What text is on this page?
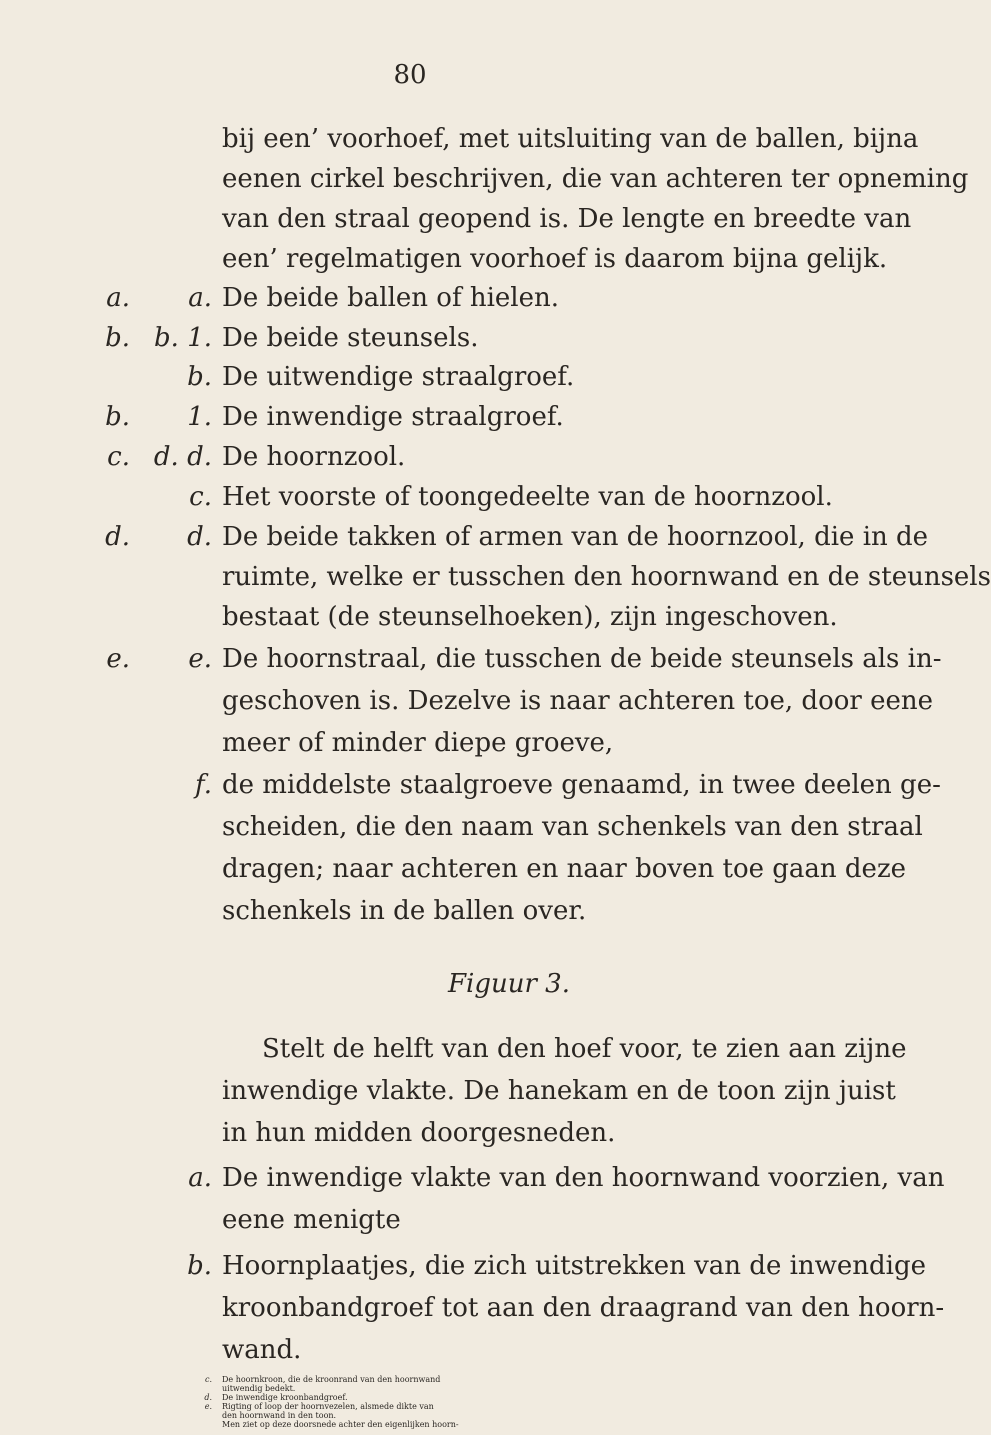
80
bij een’ voorhoef, met uitsluiting van de ballen, bijna
eenen cirkel beschrijven, die van achteren ter opneming
van den straal geopend is. De lengte en breedte van
een’ regelmatigen voorhoef is daarom bijna gelijk.
a.	a. De beide ballen of hielen.
b. b. 1. De beide steunsels.
b. De uitwendige straalgroef.
b.	1. De inwendige straalgroef.
c. d. d. De hoornzool.
c. Het voorste of toongedeelte van de hoornzool.
d.	d. De beide takken of armen van de hoornzool, die in de
ruimte, welke er tusschen den hoornwand en de steunsels
bestaat (de steunselhoeken), zijn ingeschoven.
e.	e. De hoornstraal, die tusschen de beide steunsels als in-
geschoven is. Dezelve is naar achteren toe, door eene
meer of minder diepe groeve,
f. de middelste staalgroeve genaamd, in twee deelen ge-
scheiden, die den naam van schenkels van den straal
dragen; naar achteren en naar boven toe gaan deze
schenkels in de ballen over.
Figuur 3.
Stelt de helft van den hoef voor, te zien aan zijne
inwendige vlakte. De hanekam en de toon zijn juist
in hun midden doorgesneden.
a. De inwendige vlakte van den hoornwand voorzien, van
eene menigte
b. Hoornplaatjes, die zich uitstrekken van de inwendige
kroonbandgroef tot aan den draagrand van den hoorn-
wand.
c. De hoornkroon, die de kroonrand van den hoornwand
uitwendig bedekt.
d. De inwendige kroonbandgroef.
e. Rigting of loop der hoornvezelen, alsmede dikte van
den hoornwand in den toon.
Men ziet op deze doorsnede achter den eigenlijken hoorn-
